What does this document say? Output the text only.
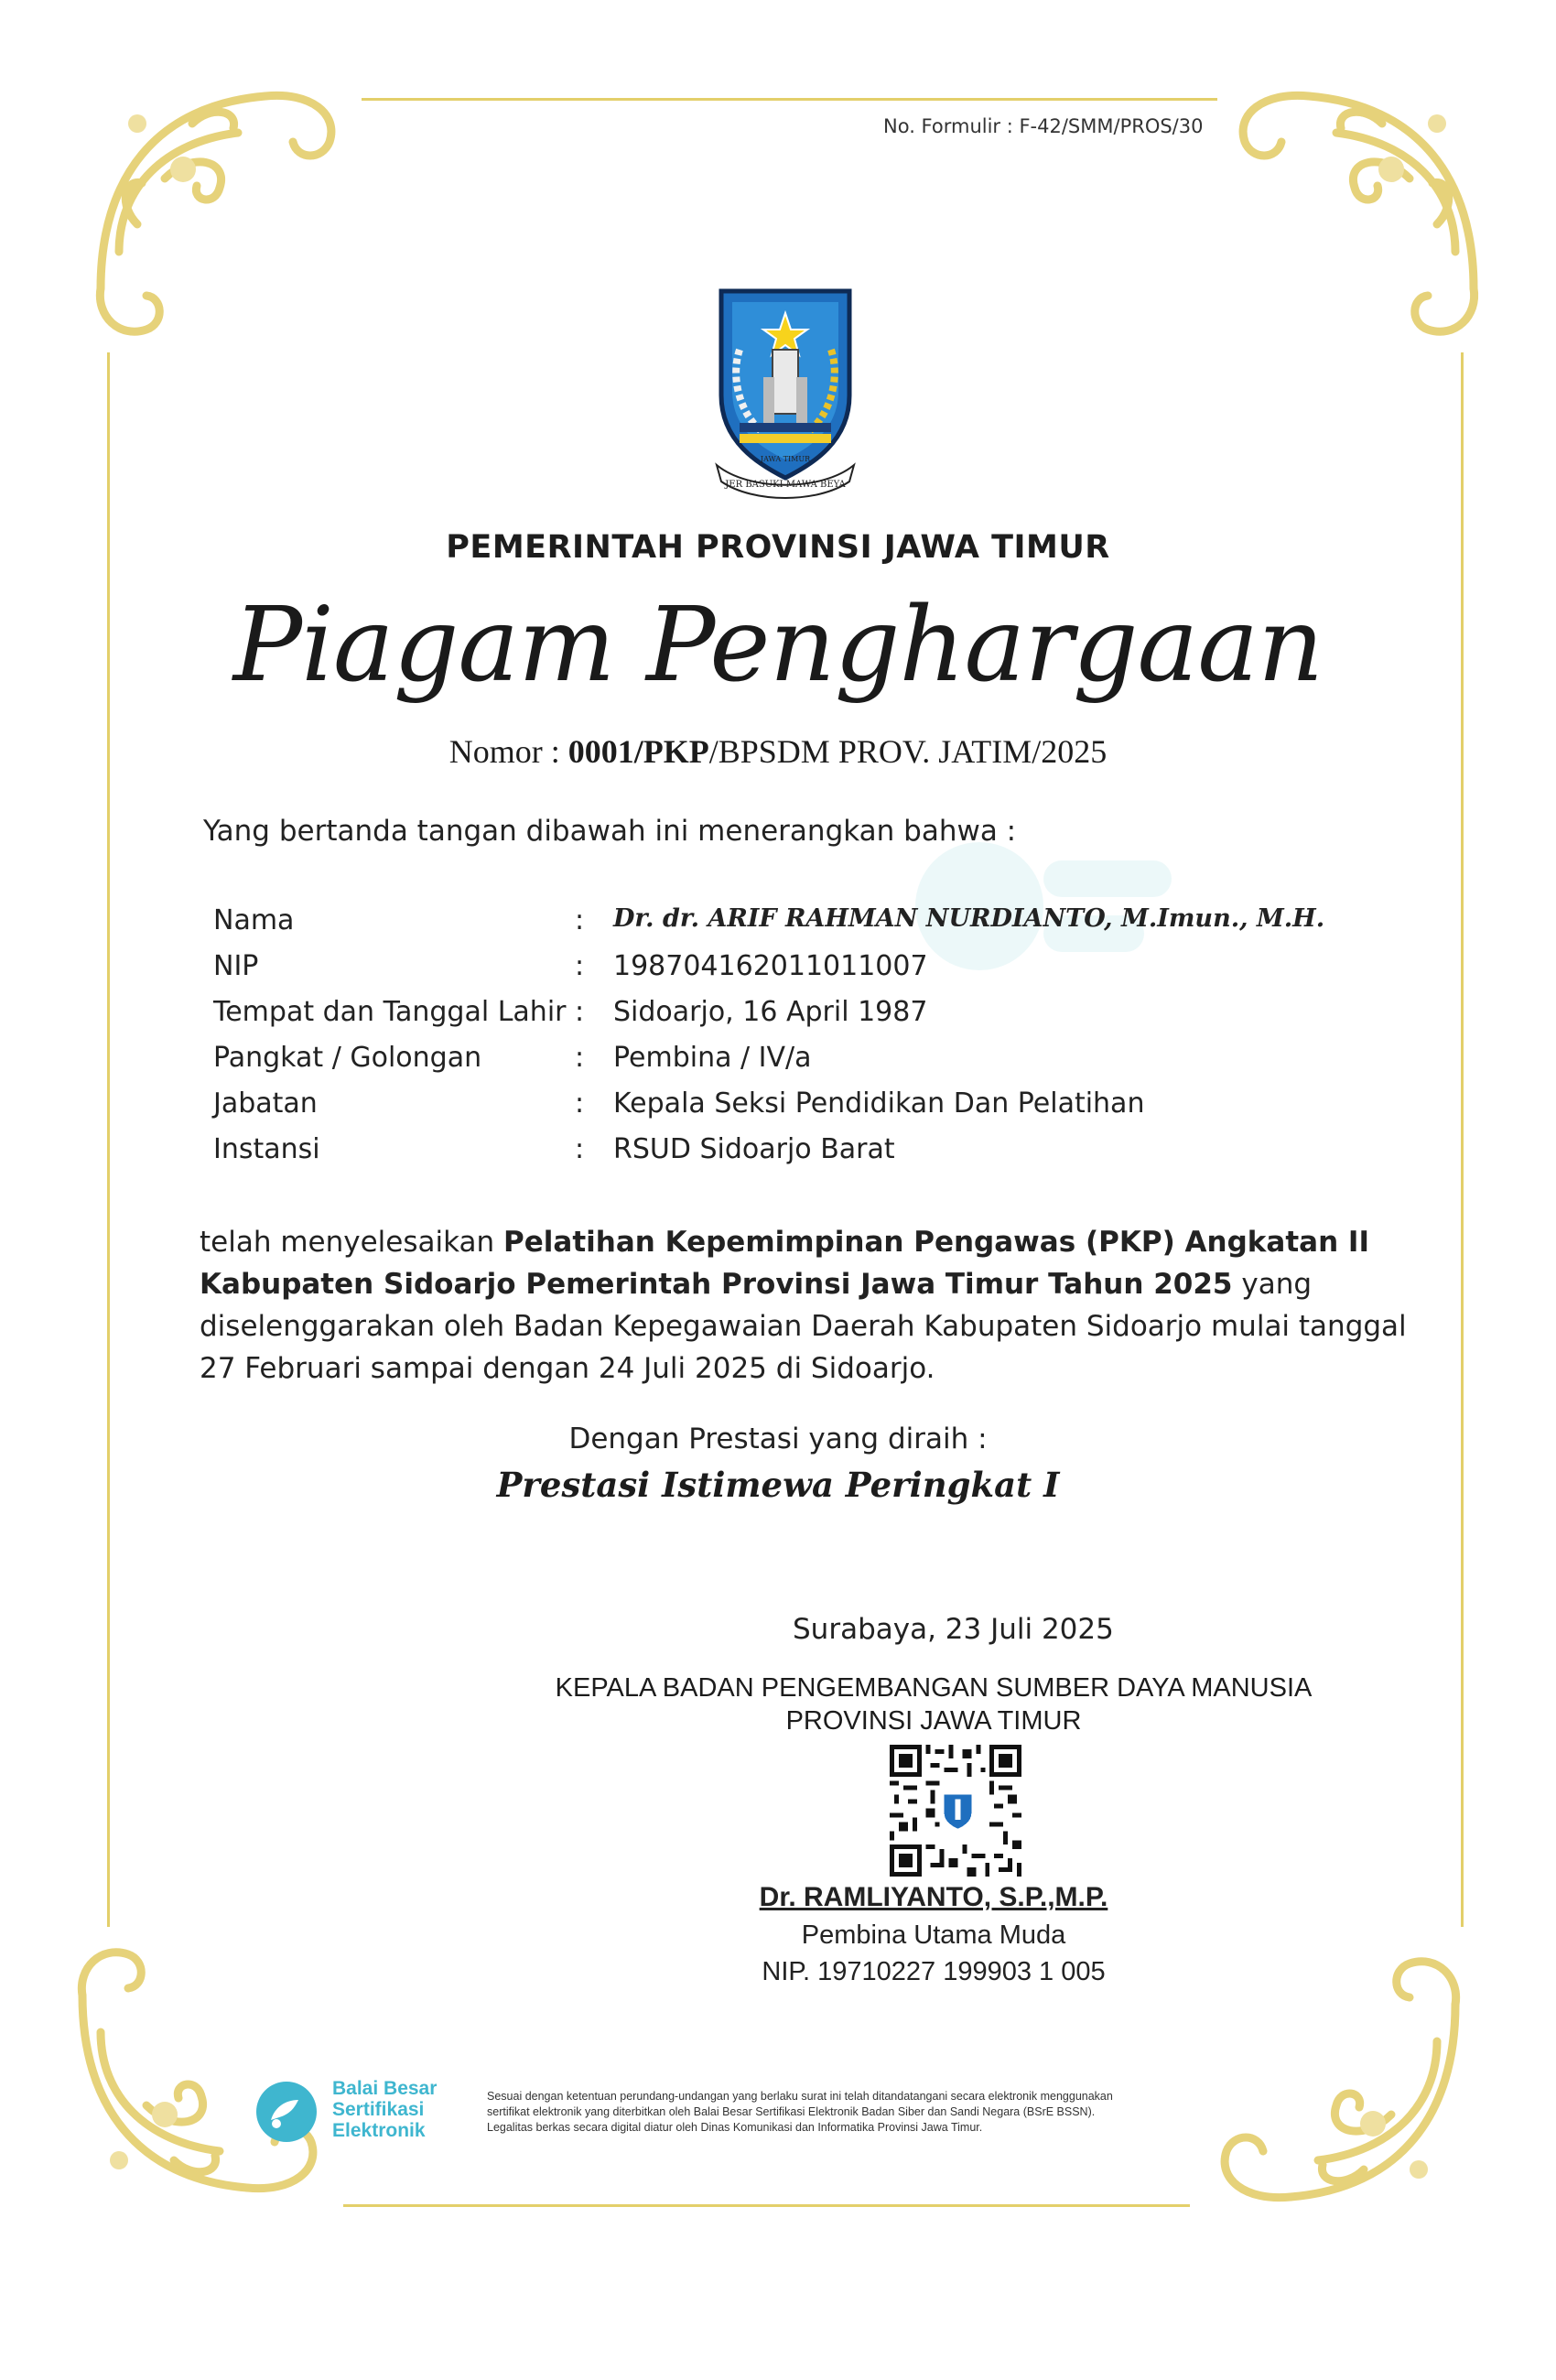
No. Formulir : F-42/SMM/PROS/30
JER BASUKI MAWA BEYA
JAWA TIMUR
PEMERINTAH PROVINSI JAWA TIMUR
Piagam Penghargaan
Nomor : 0001/PKP/BPSDM PROV. JATIM/2025
Yang bertanda tangan dibawah ini menerangkan bahwa :
Nama	: Dr. dr. ARIF RAHMAN NURDIANTO, M.Imun., M.H.
NIP	: 198704162011011007
Tempat dan Tanggal Lahir : Sidoarjo, 16 April 1987
Pangkat / Golongan	: Pembina / IV/a
Jabatan	: Kepala Seksi Pendidikan Dan Pelatihan
Instansi	: RSUD Sidoarjo Barat
telah menyelesaikan Pelatihan Kepemimpinan Pengawas (PKP) Angkatan II Kabupaten Sidoarjo Pemerintah Provinsi Jawa Timur Tahun 2025 yang diselenggarakan oleh Badan Kepegawaian Daerah Kabupaten Sidoarjo mulai tanggal 27 Februari sampai dengan 24 Juli 2025 di Sidoarjo.
Dengan Prestasi yang diraih :
Prestasi Istimewa Peringkat I
Surabaya, 23 Juli 2025
KEPALA BADAN PENGEMBANGAN SUMBER DAYA MANUSIA
PROVINSI JAWA TIMUR
Dr. RAMLIYANTO, S.P.,M.P.
Pembina Utama Muda
NIP. 19710227 199903 1 005
Balai Besar
Sertifikasi
Elektronik
Sesuai dengan ketentuan perundang-undangan yang berlaku surat ini telah ditandatangani secara elektronik menggunakan
sertifikat elektronik yang diterbitkan oleh Balai Besar Sertifikasi Elektronik Badan Siber dan Sandi Negara (BSrE BSSN).
Legalitas berkas secara digital diatur oleh Dinas Komunikasi dan Informatika Provinsi Jawa Timur.
